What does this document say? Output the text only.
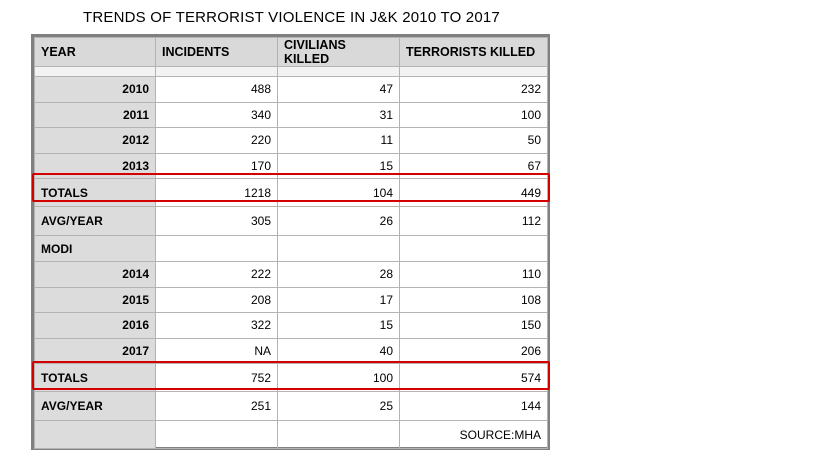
TRENDS OF TERRORIST VIOLENCE IN J&K 2010 TO 2017
YEAR	INCIDENTS	CIVILIANS KILLED	TERRORISTS KILLED

2010	488	47	232
2011	340	31	100
2012	220	11	50
2013	170	15	67
TOTALS	1218	104	449
AVG/YEAR	305	26	112
MODI			
2014	222	28	110
2015	208	17	108
2016	322	15	150
2017	NA	40	206
TOTALS	752	100	574
AVG/YEAR	251	25	144
			SOURCE:MHA
